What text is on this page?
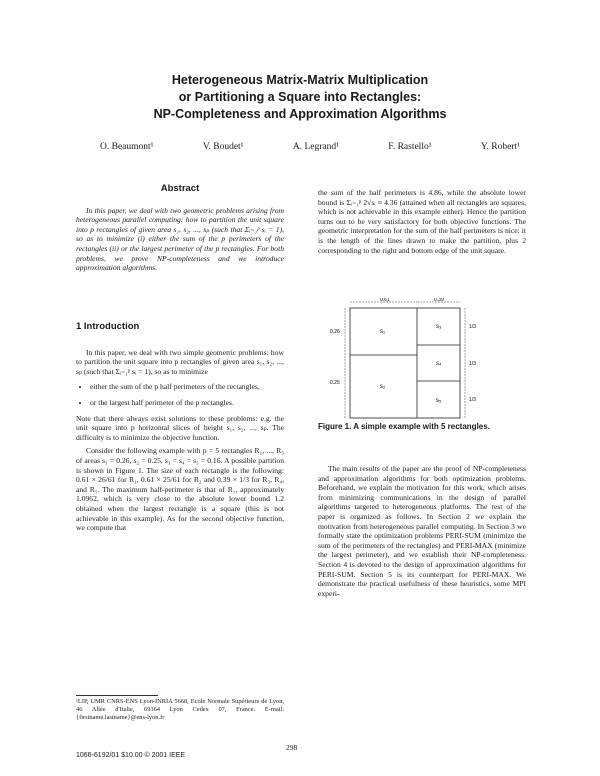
Heterogeneous Matrix-Matrix Multiplication
or Partitioning a Square into Rectangles:
NP-Completeness and Approximation Algorithms
O. Beaumont¹	V. Boudet¹	A. Legrand¹	F. Rastello¹	Y. Robert¹
Abstract

In this paper, we deal with two geometric problems arising from heterogeneous parallel computing: how to partition the unit square into p rectangles of given area s₁, s₂, ..., sₚ (such that Σᵢ₌₁ᵖ sᵢ = 1), so as to minimize (i) either the sum of the p perimeters of the rectangles (ii) or the largest perimeter of the p rectangles. For both problems, we prove NP-completeness and we introduce approximation algorithms.

1 Introduction

In this paper, we deal with two simple geometric problems: how to partition the unit square into p rectangles of given area s₁, s₂, ..., sₚ (such that Σᵢ₌₁ᵖ sᵢ = 1), so as to minimize

• either the sum of the p half perimeters of the rectangles,
• or the largest half perimeter of the p rectangles.

Note that there always exist solutions to these problems: e.g. the unit square into p horizontal slices of height s₁, s₂, ..., sₚ. The difficulty is to minimize the objective function.

Consider the following example with p = 5 rectangles R₁, ..., R₅ of areas s₁ = 0.26, s₂ = 0.25, s₃ = s₄ = s₅ = 0.16. A possible partition is shown in Figure 1. The size of each rectangle is the following: 0.61 × 26/61 for R₁, 0.61 × 25/61 for R₂ and 0.39 × 1/3 for R₃, R₄, and R₅. The maximum half-perimeter is that of R₁, approximately 1.0962, which is very close to the absolute lower bound 1.2 obtained when the largest rectangle is a square (this is not achievable in this example). As for the second objective function, we compute that

¹LIP, UMR CNRS-ENS Lyon-INRIA 5668, Ecole Normale Supérieure de Lyon, 46 Allée d'Italie, 69364 Lyon Cedex 07, France. E-mail: {firstname.lastname}@ens-lyon.fr

the sum of the half perimeters is 4.86, while the absolute lower bound is Σᵢ₌₁ᵖ 2√sᵢ ≈ 4.36 (attained when all rectangles are squares, which is not achievable in this example either). Hence the partition turns out to be very satisfactory for both objective functions. The geometric interpretation for the sum of the half perimeters is nice: it is the length of the lines drawn to make the partition, plus 2 corresponding to the right and bottom edge of the unit square.

0.61	0.39
0.26
0.25
1/3
1/3
1/3
s₁
s₂
s₃
s₄
s₅
Figure 1. A simple example with 5 rectangles.

The main results of the paper are the proof of NP-completeness and approximation algorithms for both optimization problems. Beforehand, we explain the motivation for this work, which arises from minimizing communications in the design of parallel algorithms targeted to heterogeneous platforms. The rest of the paper is organized as follows. In Section 2 we explain the motivation from heterogeneous parallel computing. In Section 3 we formally state the optimization problems PERI-SUM (minimize the sum of the perimeters of the rectangles) and PERI-MAX (minimize the largest perimeter), and we establish their NP-completeness. Section 4 is devoted to the design of approximation algorithms for PERI-SUM. Section 5 is its counterpart for PERI-MAX. We demonstrate the practical usefulness of these heuristics, some MPI experi-

1066-6192/01 $10.00 © 2001 IEEE
298
